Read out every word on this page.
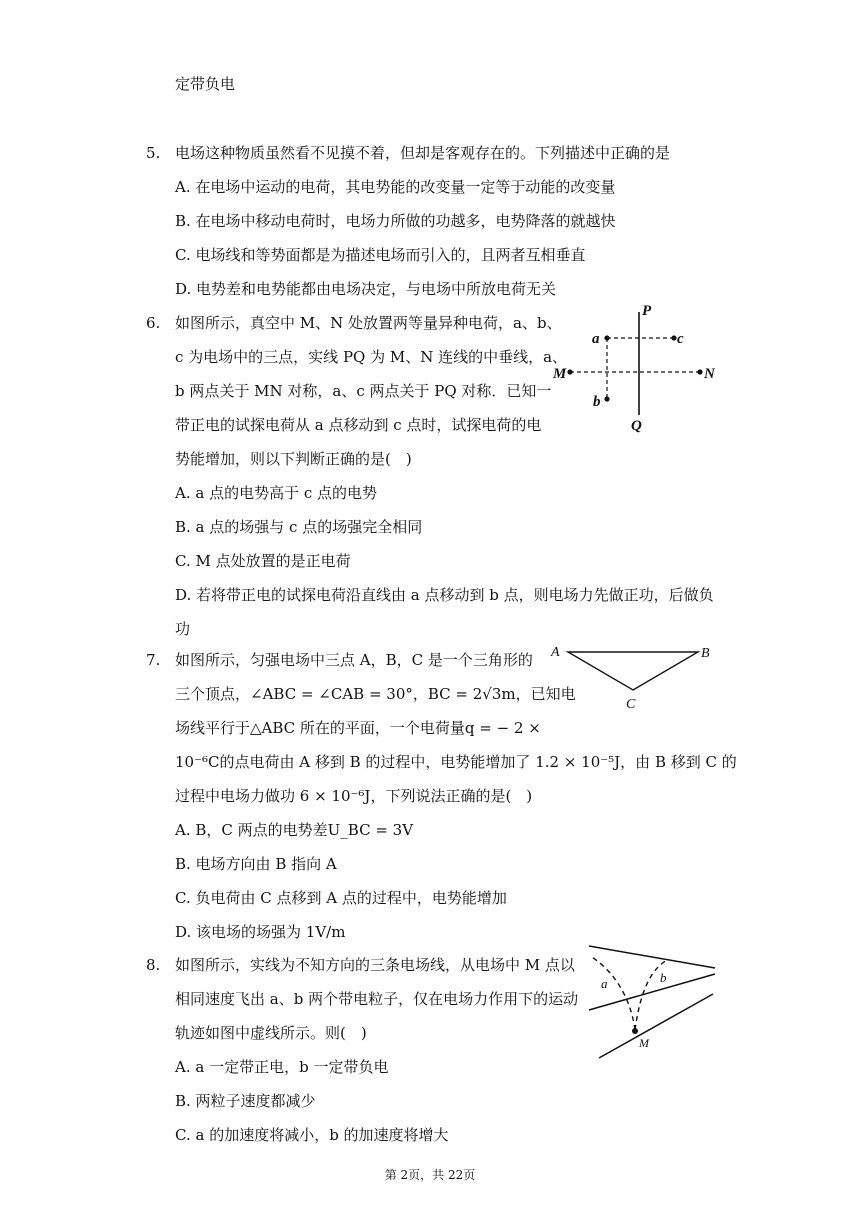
定带负电
5. 电场这种物质虽然看不见摸不着，但却是客观存在的。下列描述中正确的是
A. 在电场中运动的电荷，其电势能的改变量一定等于动能的改变量
B. 在电场中移动电荷时，电场力所做的功越多，电势降落的就越快
C. 电场线和等势面都是为描述电场而引入的，且两者互相垂直
D. 电势差和电势能都由电场决定，与电场中所放电荷无关
6. 如图所示，真空中 M、N 处放置两等量异种电荷，a、b、
c 为电场中的三点，实线 PQ 为 M、N 连线的中垂线，a、
b 两点关于 MN 对称，a、c 两点关于 PQ 对称．已知一
带正电的试探电荷从 a 点移动到 c 点时，试探电荷的电
势能增加，则以下判断正确的是(　)
A. a 点的电势高于 c 点的电势
B. a 点的场强与 c 点的场强完全相同
C. M 点处放置的是正电荷
D. 若将带正电的试探电荷沿直线由 a 点移动到 b 点，则电场力先做正功，后做负
功
P
Q
M	N
a	c
b
7. 如图所示，匀强电场中三点 A，B，C 是一个三角形的
三个顶点，∠ABC = ∠CAB = 30°，BC = 2√3m，已知电
场线平行于△ABC 所在的平面，一个电荷量q = − 2 ×
10⁻⁶C的点电荷由 A 移到 B 的过程中，电势能增加了 1.2 × 10⁻⁵J，由 B 移到 C 的
过程中电场力做功 6 × 10⁻⁶J，下列说法正确的是(　)
A. B，C 两点的电势差U_BC = 3V
B. 电场方向由 B 指向 A
C. 负电荷由 C 点移到 A 点的过程中，电势能增加
D. 该电场的场强为 1V/m
A	B
C
8. 如图所示，实线为不知方向的三条电场线，从电场中 M 点以
相同速度飞出 a、b 两个带电粒子，仅在电场力作用下的运动
轨迹如图中虚线所示。则(　)
A. a 一定带正电，b 一定带负电
B. 两粒子速度都减少
C. a 的加速度将减小，b 的加速度将增大
a	b
M
第 2页，共 22页
